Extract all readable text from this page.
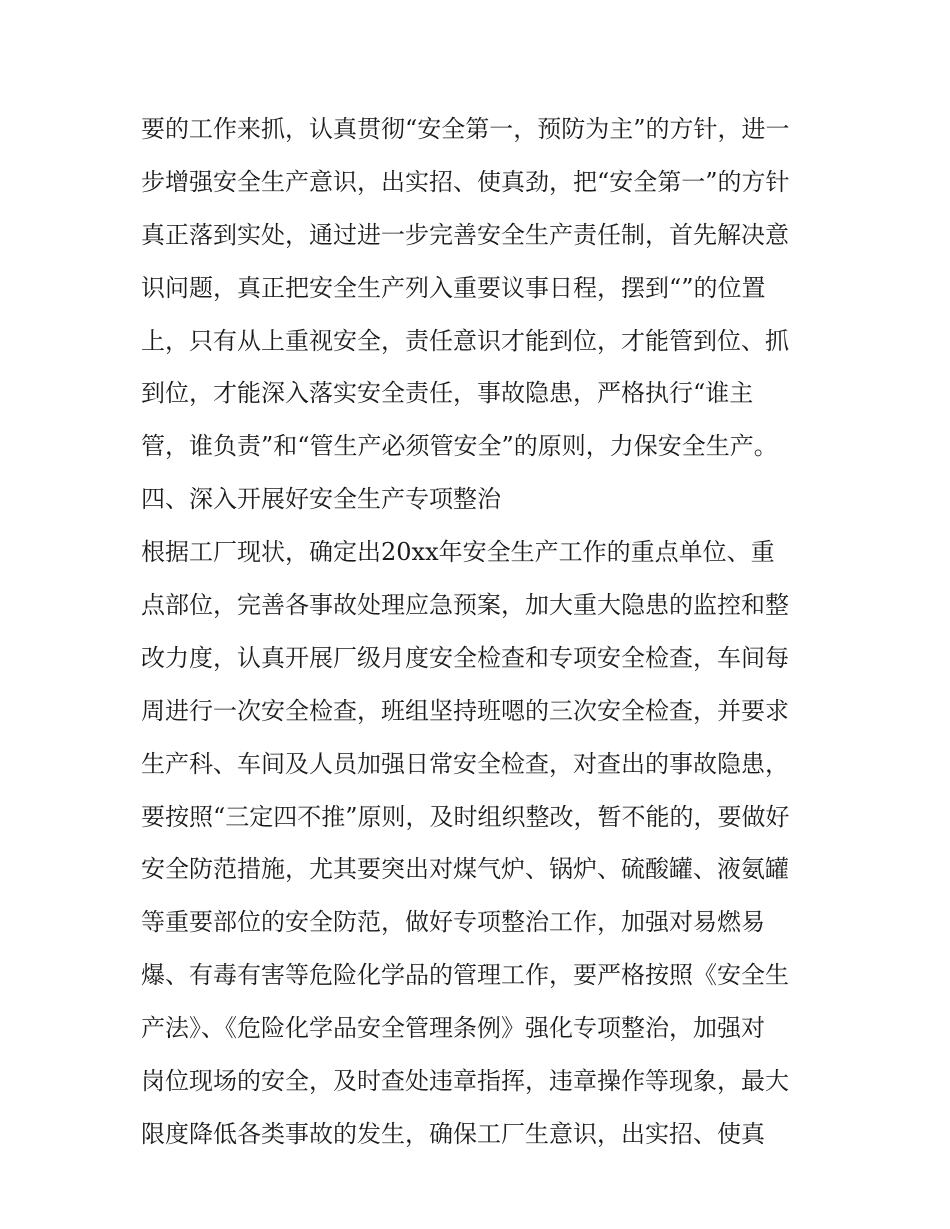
要的工作来抓，认真贯彻“安全第一，预防为主”的方针，进一
步增强安全生产意识，出实招、使真劲，把“安全第一”的方针
真正落到实处，通过进一步完善安全生产责任制，首先解决意
识问题，真正把安全生产列入重要议事日程，摆到“”的位置
上，只有从上重视安全，责任意识才能到位，才能管到位、抓
到位，才能深入落实安全责任，事故隐患，严格执行“谁主
管，谁负责”和“管生产必须管安全”的原则，力保安全生产。
四、深入开展好安全生产专项整治
根据工厂现状，确定出20xx年安全生产工作的重点单位、重
点部位，完善各事故处理应急预案，加大重大隐患的监控和整
改力度，认真开展厂级月度安全检查和专项安全检查，车间每
周进行一次安全检查，班组坚持班嗯的三次安全检查，并要求
生产科、车间及人员加强日常安全检查，对查出的事故隐患，
要按照“三定四不推”原则，及时组织整改，暂不能的，要做好
安全防范措施，尤其要突出对煤气炉、锅炉、硫酸罐、液氨罐
等重要部位的安全防范，做好专项整治工作，加强对易燃易
爆、有毒有害等危险化学品的管理工作，要严格按照《安全生
产法》、《危险化学品安全管理条例》强化专项整治，加强对
岗位现场的安全，及时查处违章指挥，违章操作等现象，最大
限度降低各类事故的发生，确保工厂生意识，出实招、使真
